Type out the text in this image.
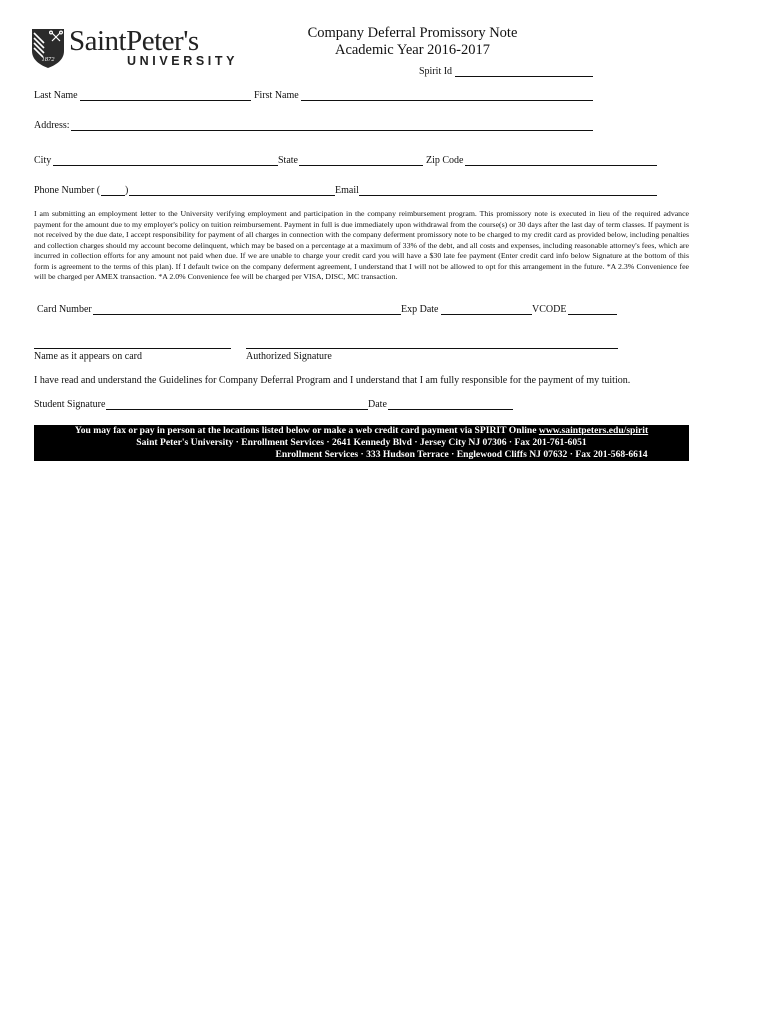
1872
SaintPeter's
UNIVERSITY
Company Deferral Promissory Note
Academic Year 2016-2017
Spirit Id
Last Name	First Name
Address:
City	State	Zip Code
Phone Number ( )	Email
I am submitting an employment letter to the University verifying employment and participation in the company reimbursement program. This promissory note is executed in lieu of the required advance payment for the amount due to my employer's policy on tuition reimbursement. Payment in full is due immediately upon withdrawal from the course(s) or 30 days after the last day of term classes. If payment is not received by the due date, I accept responsibility for payment of all charges in connection with the company deferment promissory note to be charged to my credit card as provided below, including penalties and collection charges should my account become delinquent, which may be based on a percentage at a maximum of 33% of the debt, and all costs and expenses, including reasonable attorney's fees, which are incurred in collection efforts for any amount not paid when due. If we are unable to charge your credit card you will have a $30 late fee payment (Enter credit card info below Signature at the bottom of this form is agreement to the terms of this plan). If I default twice on the company deferment agreement, I understand that I will not be allowed to opt for this arrangement in the future. *A 2.3% Convenience fee will be charged per AMEX transaction. *A 2.0% Convenience fee will be charged per VISA, DISC, MC transaction.
Card Number	Exp Date	VCODE
Name as it appears on card	Authorized Signature
I have read and understand the Guidelines for Company Deferral Program and I understand that I am fully responsible for the payment of my tuition.
Student Signature	Date
You may fax or pay in person at the locations listed below or make a web credit card payment via SPIRIT Online www.saintpeters.edu/spirit
Saint Peter's University · Enrollment Services · 2641 Kennedy Blvd · Jersey City NJ 07306 · Fax 201-761-6051
Enrollment Services · 333 Hudson Terrace · Englewood Cliffs NJ 07632 · Fax 201-568-6614
